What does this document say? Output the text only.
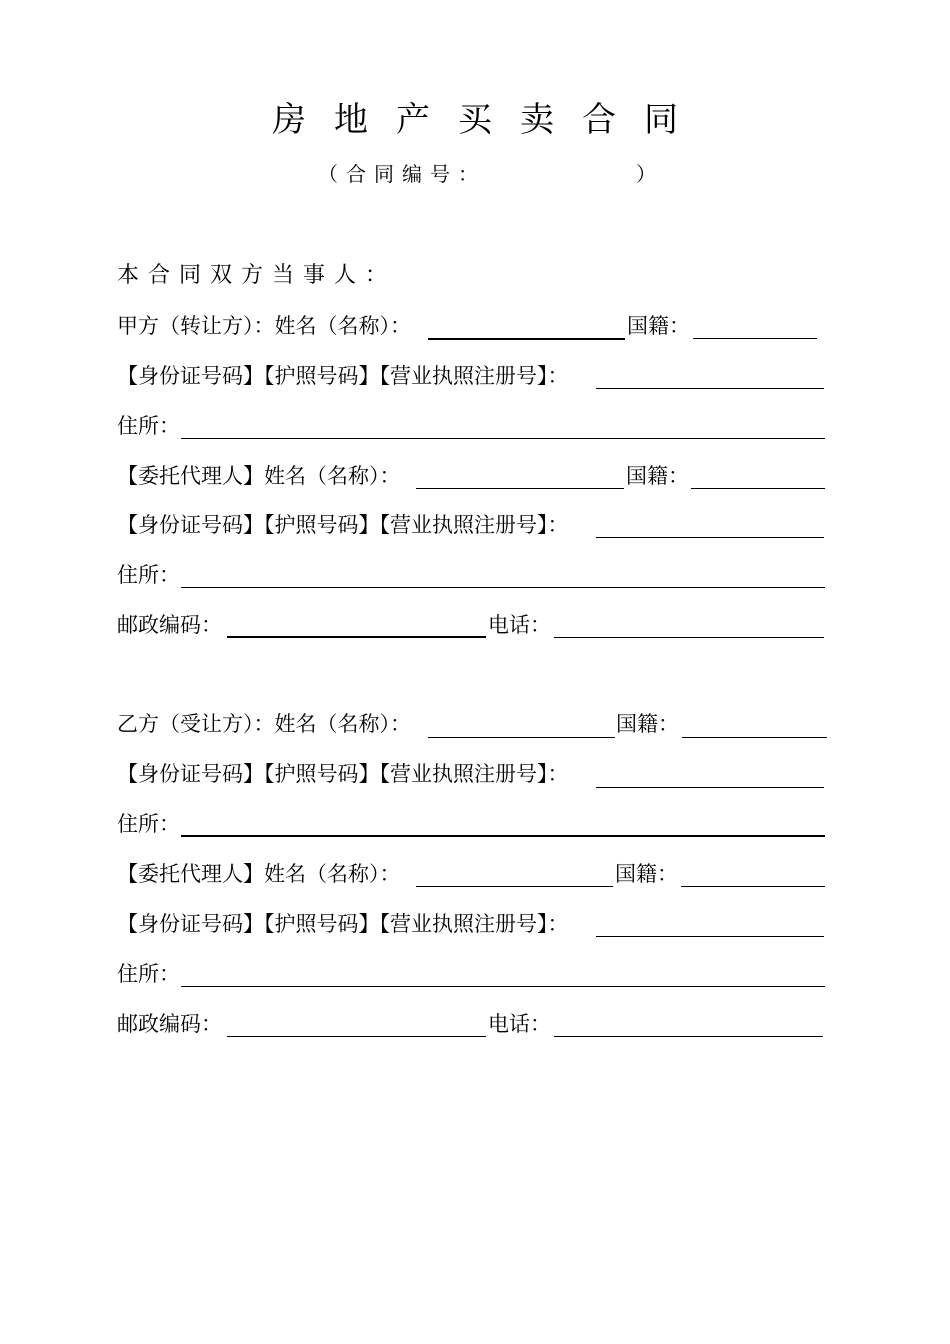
房地产买卖合同
（合同编号：	）
本合同双方当事人：
甲方（转让方）：姓名（名称）：	国籍：
【身份证号码】【护照号码】【营业执照注册号】：
住所：
【委托代理人】姓名（名称）：	国籍：
【身份证号码】【护照号码】【营业执照注册号】：
住所：
邮政编码：	电话：
乙方（受让方）：姓名（名称）：	国籍：
【身份证号码】【护照号码】【营业执照注册号】：
住所：
【委托代理人】姓名（名称）：	国籍：
【身份证号码】【护照号码】【营业执照注册号】：
住所：
邮政编码：	电话：
